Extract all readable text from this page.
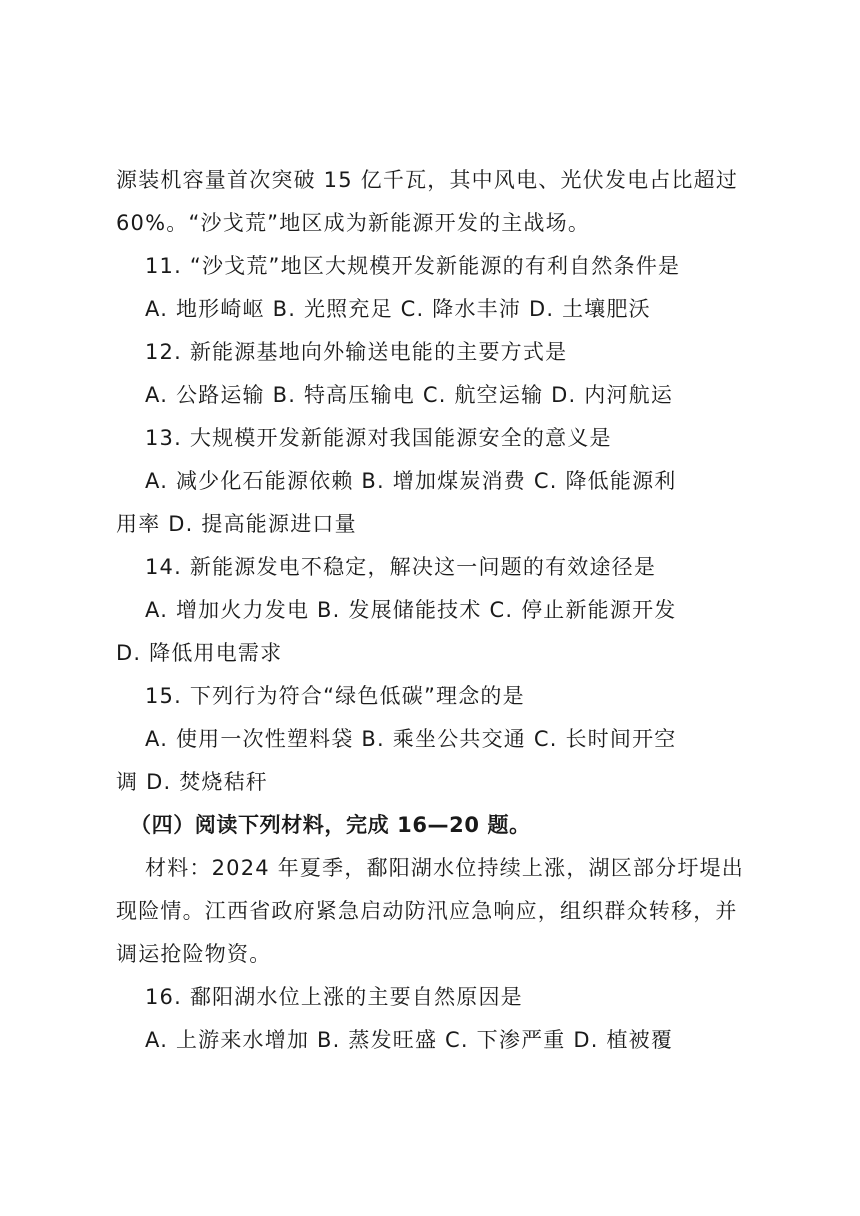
源装机容量首次突破 15 亿千瓦，其中风电、光伏发电占比超过
60%。“沙戈荒”地区成为新能源开发的主战场。
11. “沙戈荒”地区大规模开发新能源的有利自然条件是
A. 地形崎岖 B. 光照充足 C. 降水丰沛 D. 土壤肥沃
12. 新能源基地向外输送电能的主要方式是
A. 公路运输 B. 特高压输电 C. 航空运输 D. 内河航运
13. 大规模开发新能源对我国能源安全的意义是
A. 减少化石能源依赖 B. 增加煤炭消费 C. 降低能源利
用率 D. 提高能源进口量
14. 新能源发电不稳定，解决这一问题的有效途径是
A. 增加火力发电 B. 发展储能技术 C. 停止新能源开发
D. 降低用电需求
15. 下列行为符合“绿色低碳”理念的是
A. 使用一次性塑料袋 B. 乘坐公共交通 C. 长时间开空
调 D. 焚烧秸秆
（四）阅读下列材料，完成 16—20 题。
材料：2024 年夏季，鄱阳湖水位持续上涨，湖区部分圩堤出
现险情。江西省政府紧急启动防汛应急响应，组织群众转移，并
调运抢险物资。
16. 鄱阳湖水位上涨的主要自然原因是
A. 上游来水增加 B. 蒸发旺盛 C. 下渗严重 D. 植被覆
